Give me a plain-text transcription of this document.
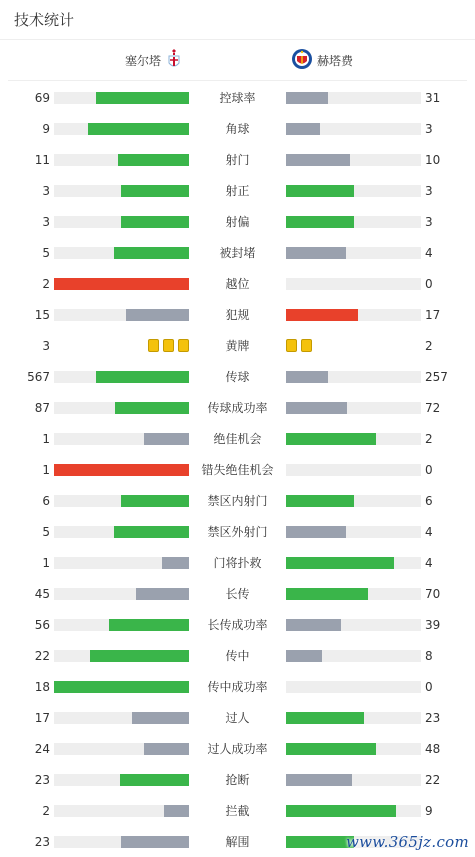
技术统计
塞尔塔	赫塔费
69	控球率	31
9	角球	3
11	射门	10
3	射正	3
3	射偏	3
5	被封堵	4
2	越位	0
15	犯规	17
3	黄牌	2
567	传球	257
87	传球成功率	72
1	绝佳机会	2
1	错失绝佳机会	0
6	禁区内射门	6
5	禁区外射门	4
1	门将扑救	4
45	长传	70
56	长传成功率	39
22	传中	8
18	传中成功率	0
17	过人	23
24	过人成功率	48
23	抢断	22
2	拦截	9
23	解围	www.365jz.com
